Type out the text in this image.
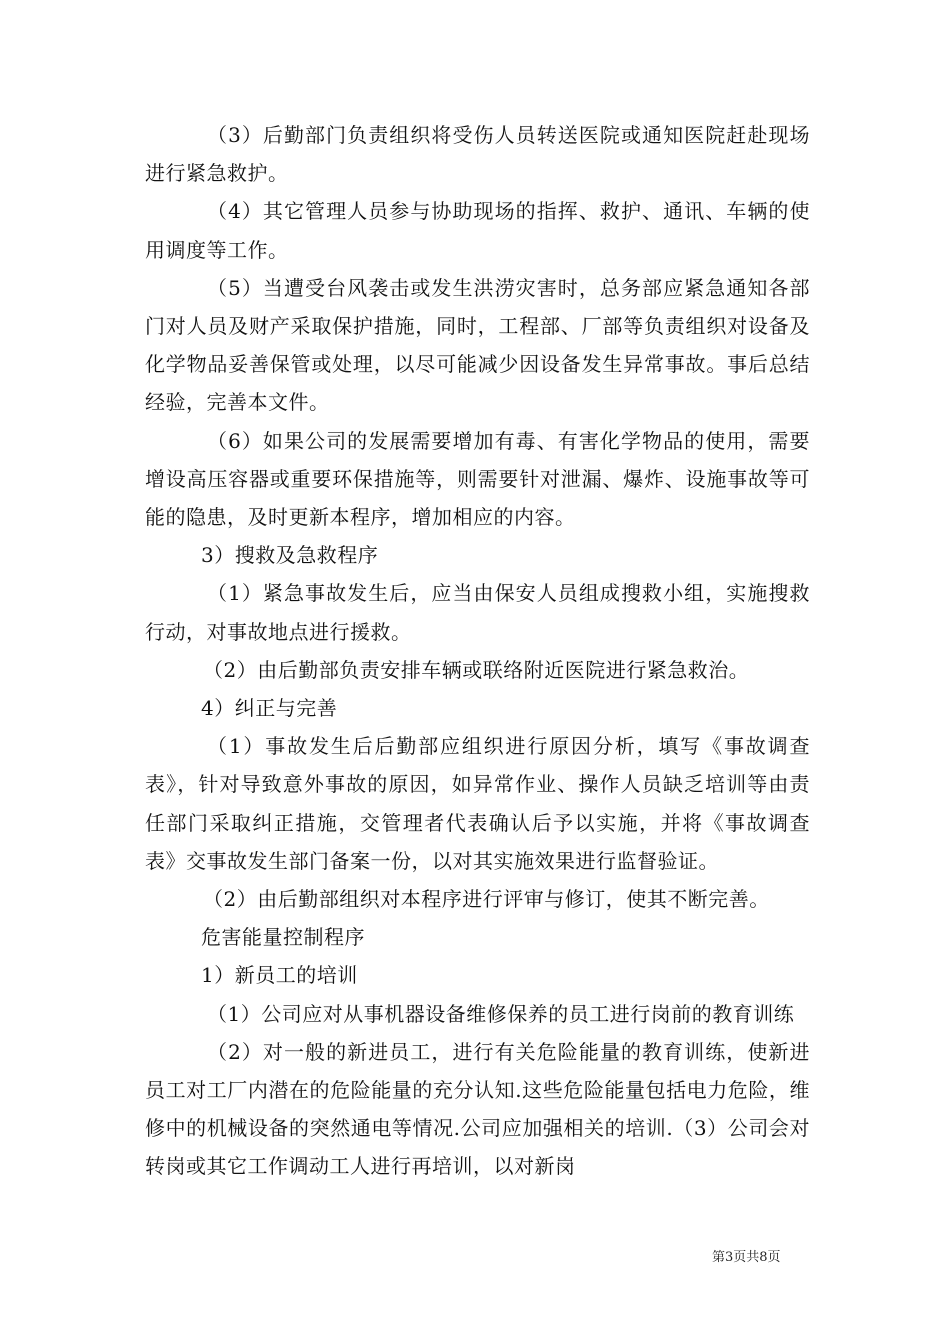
（3）后勤部门负责组织将受伤人员转送医院或通知医院赶赴现场进行紧急救护。

（4）其它管理人员参与协助现场的指挥、救护、通讯、车辆的使用调度等工作。

（5）当遭受台风袭击或发生洪涝灾害时，总务部应紧急通知各部门对人员及财产采取保护措施，同时，工程部、厂部等负责组织对设备及化学物品妥善保管或处理，以尽可能减少因设备发生异常事故。事后总结经验，完善本文件。

（6）如果公司的发展需要增加有毒、有害化学物品的使用，需要增设高压容器或重要环保措施等，则需要针对泄漏、爆炸、设施事故等可能的隐患，及时更新本程序，增加相应的内容。

3）搜救及急救程序

（1）紧急事故发生后，应当由保安人员组成搜救小组，实施搜救行动，对事故地点进行援救。

（2）由后勤部负责安排车辆或联络附近医院进行紧急救治。

4）纠正与完善

（1）事故发生后后勤部应组织进行原因分析，填写《事故调查表》，针对导致意外事故的原因，如异常作业、操作人员缺乏培训等由责任部门采取纠正措施，交管理者代表确认后予以实施，并将《事故调查表》交事故发生部门备案一份，以对其实施效果进行监督验证。

（2）由后勤部组织对本程序进行评审与修订，使其不断完善。

危害能量控制程序

1）新员工的培训

（1）公司应对从事机器设备维修保养的员工进行岗前的教育训练

（2）对一般的新进员工，进行有关危险能量的教育训练，使新进员工对工厂内潜在的危险能量的充分认知.这些危险能量包括电力危险，维修中的机械设备的突然通电等情况.公司应加强相关的培训.（3）公司会对转岗或其它工作调动工人进行再培训，以对新岗

第3页共8页
